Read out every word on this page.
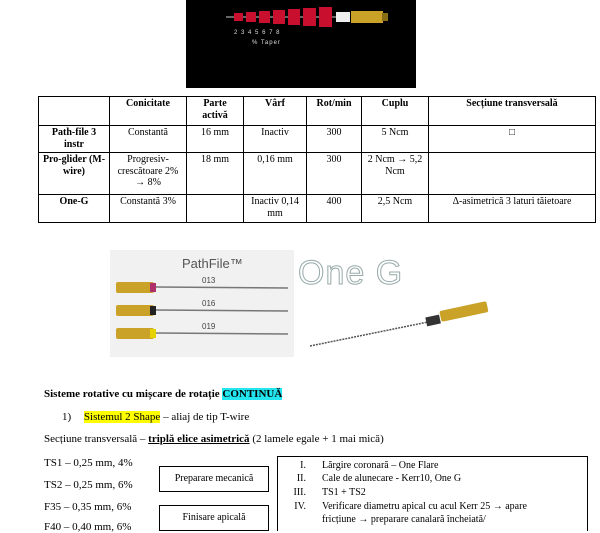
2 3 4 5 6 7 8
% Taper
	Conicitate	Parte activă	Vârf	Rot/min	Cuplu	Secțiune transversală
Path-file 3 instr	Constantă	16 mm	Inactiv	300	5 Ncm	□
Pro-glider (M-wire)	Progresiv-crescătoare 2% → 8%	18 mm	0,16 mm	300	2 Ncm → 5,2 Ncm	
One-G	Constantă 3%		Inactiv 0,14 mm	400	2,5 Ncm	Δ-asimetrică 3 laturi tăietoare
PathFile™
013
016
019
One G
Sisteme rotative cu mișcare de rotație CONTINUĂ
1) Sistemul 2 Shape – aliaj de tip T-wire
Secțiune transversală – triplă elice asimetrică (2 lamele egale + 1 mai mică)
TS1 – 0,25 mm, 4%
TS2 – 0,25 mm, 6%
F35 – 0,35 mm, 6%
F40 – 0,40 mm, 6%
Preparare mecanică
Finisare apicală
I. Lărgire coronară – One Flare
II. Cale de alunecare - Kerr10, One G
III. TS1 + TS2
IV. Verificare diametru apical cu acul Kerr 25 → apare
fricțiune → preparare canalară încheiată/
